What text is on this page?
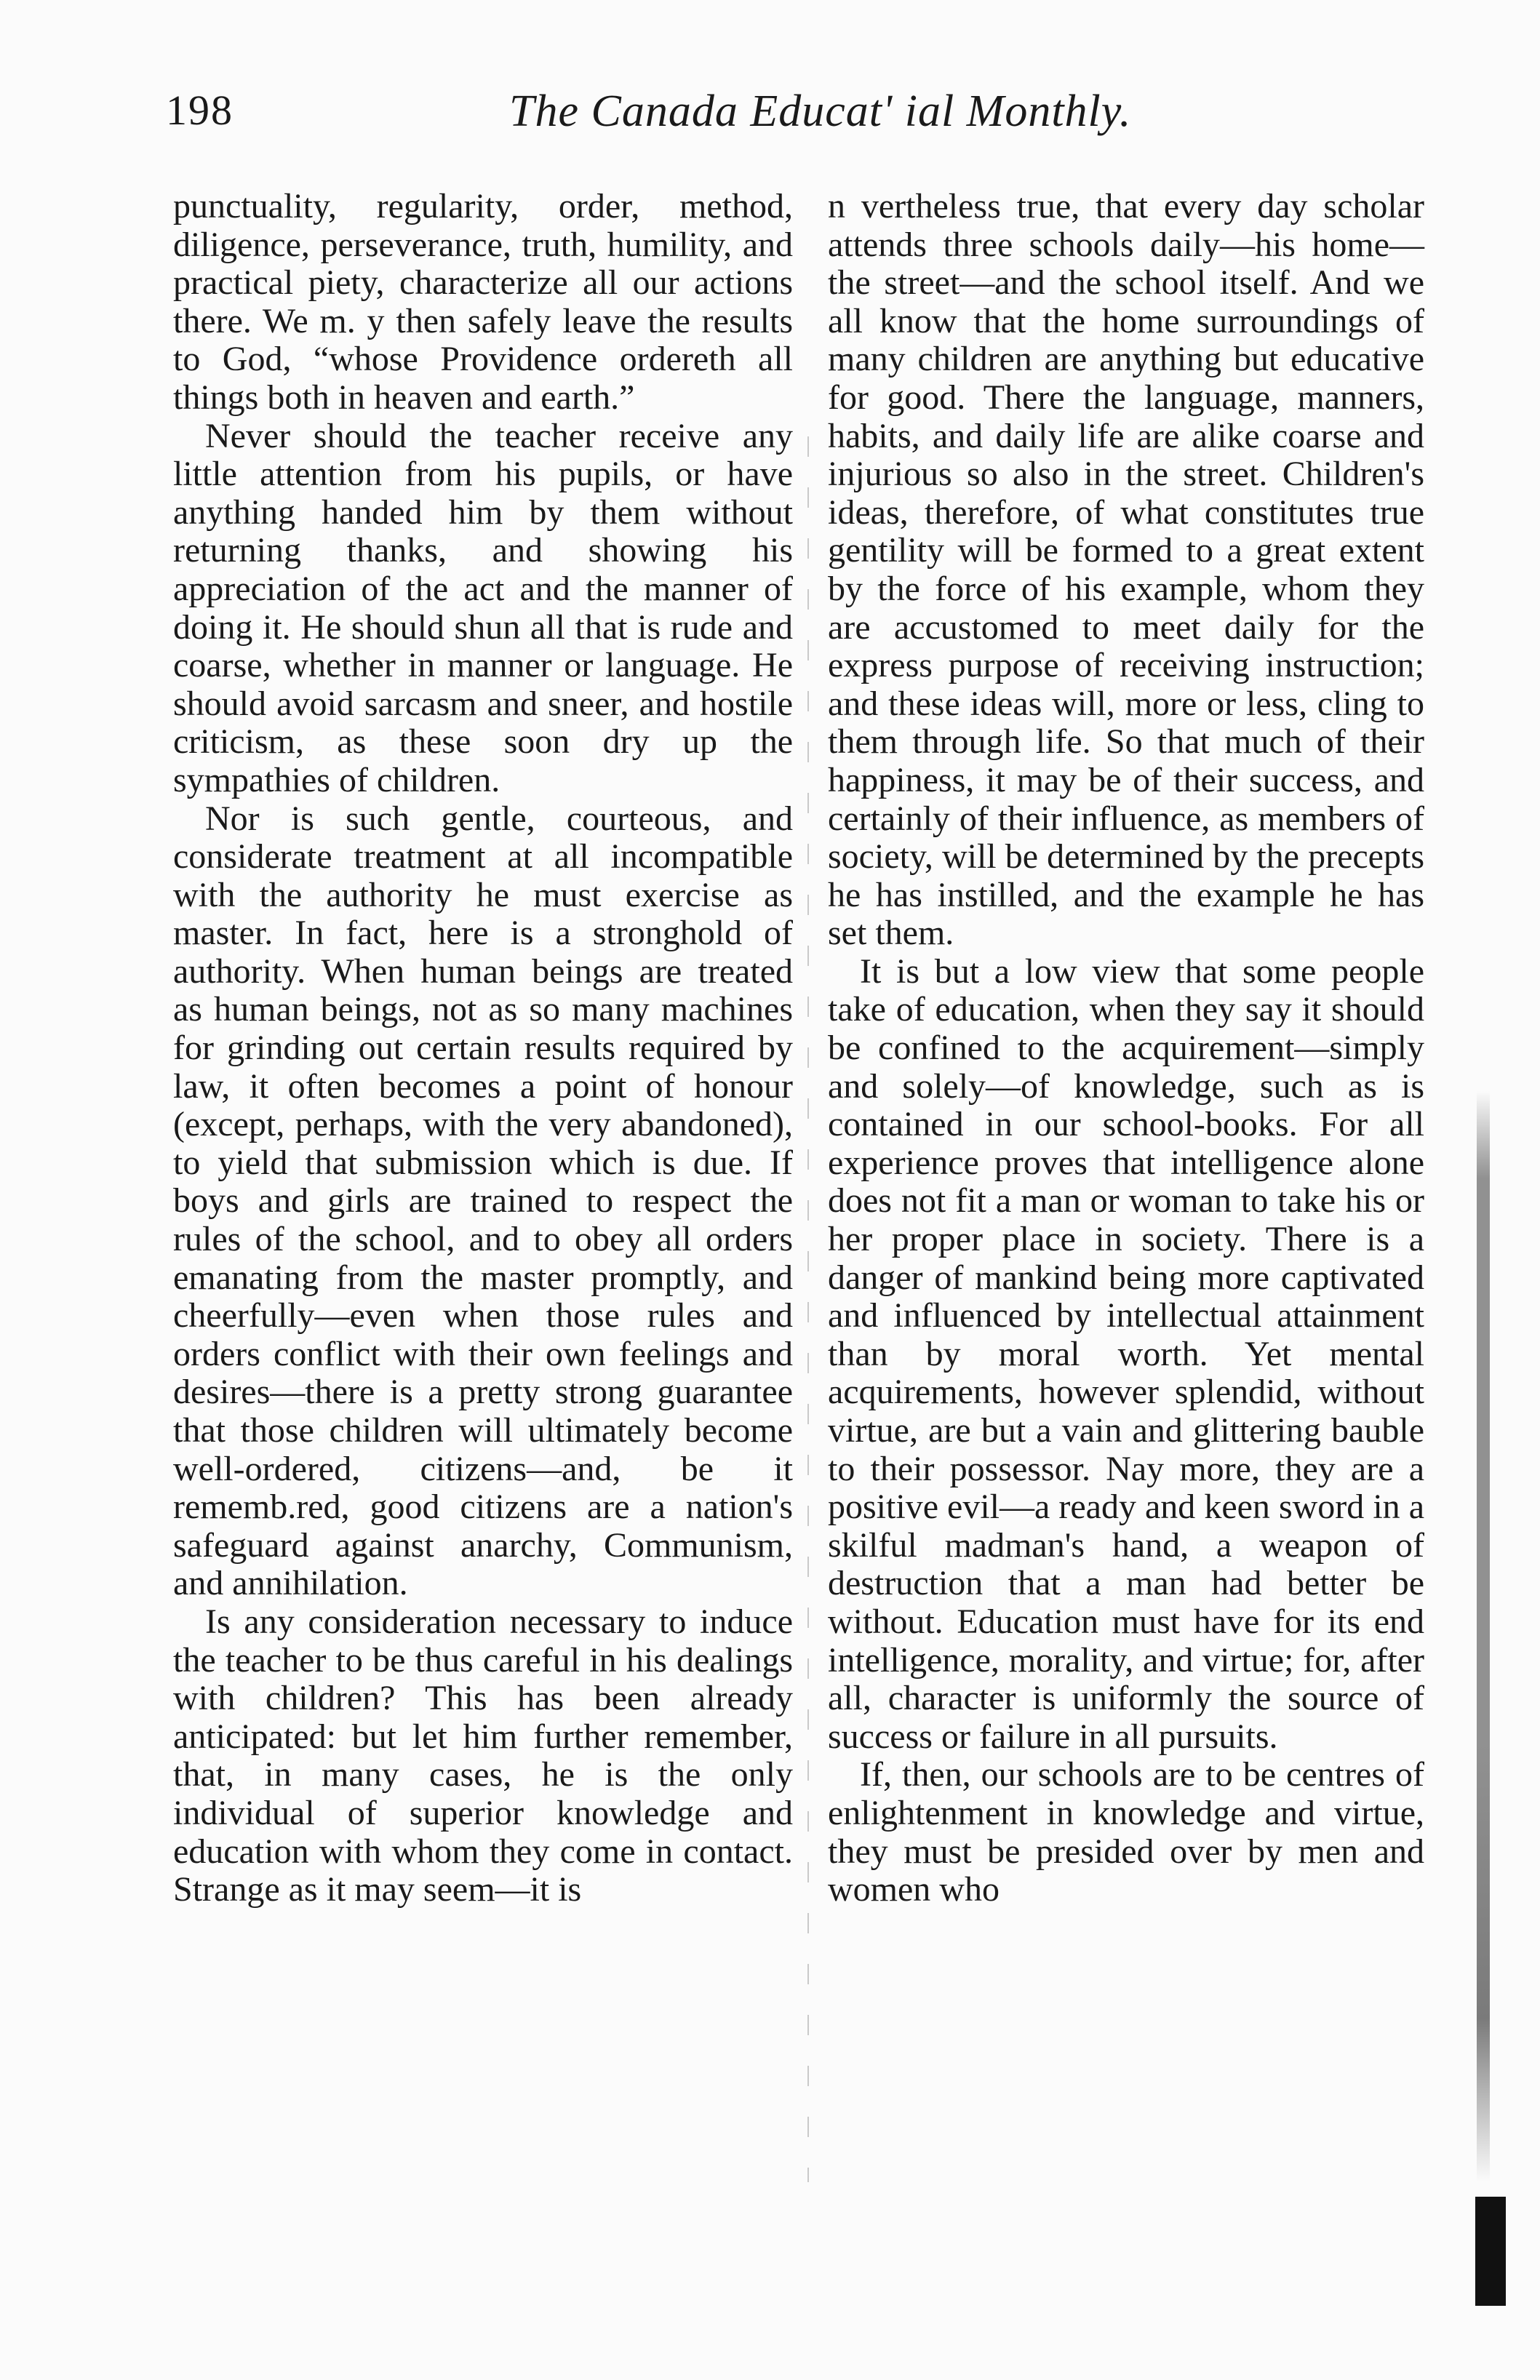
198	The Canada Educat' ial Monthly.

punctuality, regularity, order, method, diligence, perseverance, truth, humility, and practical piety, characterize all our actions there. We m. y then safely leave the results to God, “whose Providence ordereth all things both in heaven and earth.”

Never should the teacher receive any little attention from his pupils, or have anything handed him by them without returning thanks, and showing his appreciation of the act and the manner of doing it. He should shun all that is rude and coarse, whether in manner or language. He should avoid sarcasm and sneer, and hostile criticism, as these soon dry up the sympathies of children.

Nor is such gentle, courteous, and considerate treatment at all incompatible with the authority he must exercise as master. In fact, here is a stronghold of authority. When human beings are treated as human beings, not as so many machines for grinding out certain results required by law, it often becomes a point of honour (except, perhaps, with the very abandoned), to yield that submission which is due. If boys and girls are trained to respect the rules of the school, and to obey all orders emanating from the master promptly, and cheerfully—even when those rules and orders conflict with their own feelings and desires—there is a pretty strong guarantee that those children will ultimately become well-ordered, citizens—and, be it rememb.red, good citizens are a nation's safeguard against anarchy, Communism, and annihilation.

Is any consideration necessary to induce the teacher to be thus careful in his dealings with children? This has been already anticipated: but let him further remember, that, in many cases, he is the only individual of superior knowledge and education with whom they come in contact. Strange as it may seem—it is

n vertheless true, that every day scholar attends three schools daily—his home—the street—and the school itself. And we all know that the home surroundings of many children are anything but educative for good. There the language, manners, habits, and daily life are alike coarse and injurious so also in the street. Children's ideas, therefore, of what constitutes true gentility will be formed to a great extent by the force of his example, whom they are accustomed to meet daily for the express purpose of receiving instruction; and these ideas will, more or less, cling to them through life. So that much of their happiness, it may be of their success, and certainly of their influence, as members of society, will be determined by the precepts he has instilled, and the example he has set them.

It is but a low view that some people take of education, when they say it should be confined to the acquirement—simply and solely—of knowledge, such as is contained in our school-books. For all experience proves that intelligence alone does not fit a man or woman to take his or her proper place in society. There is a danger of mankind being more captivated and influenced by intellectual attainment than by moral worth. Yet mental acquirements, however splendid, without virtue, are but a vain and glittering bauble to their possessor. Nay more, they are a positive evil—a ready and keen sword in a skilful madman's hand, a weapon of destruction that a man had better be without. Education must have for its end intelligence, morality, and virtue; for, after all, character is uniformly the source of success or failure in all pursuits.

If, then, our schools are to be centres of enlightenment in knowledge and virtue, they must be presided over by men and women who
